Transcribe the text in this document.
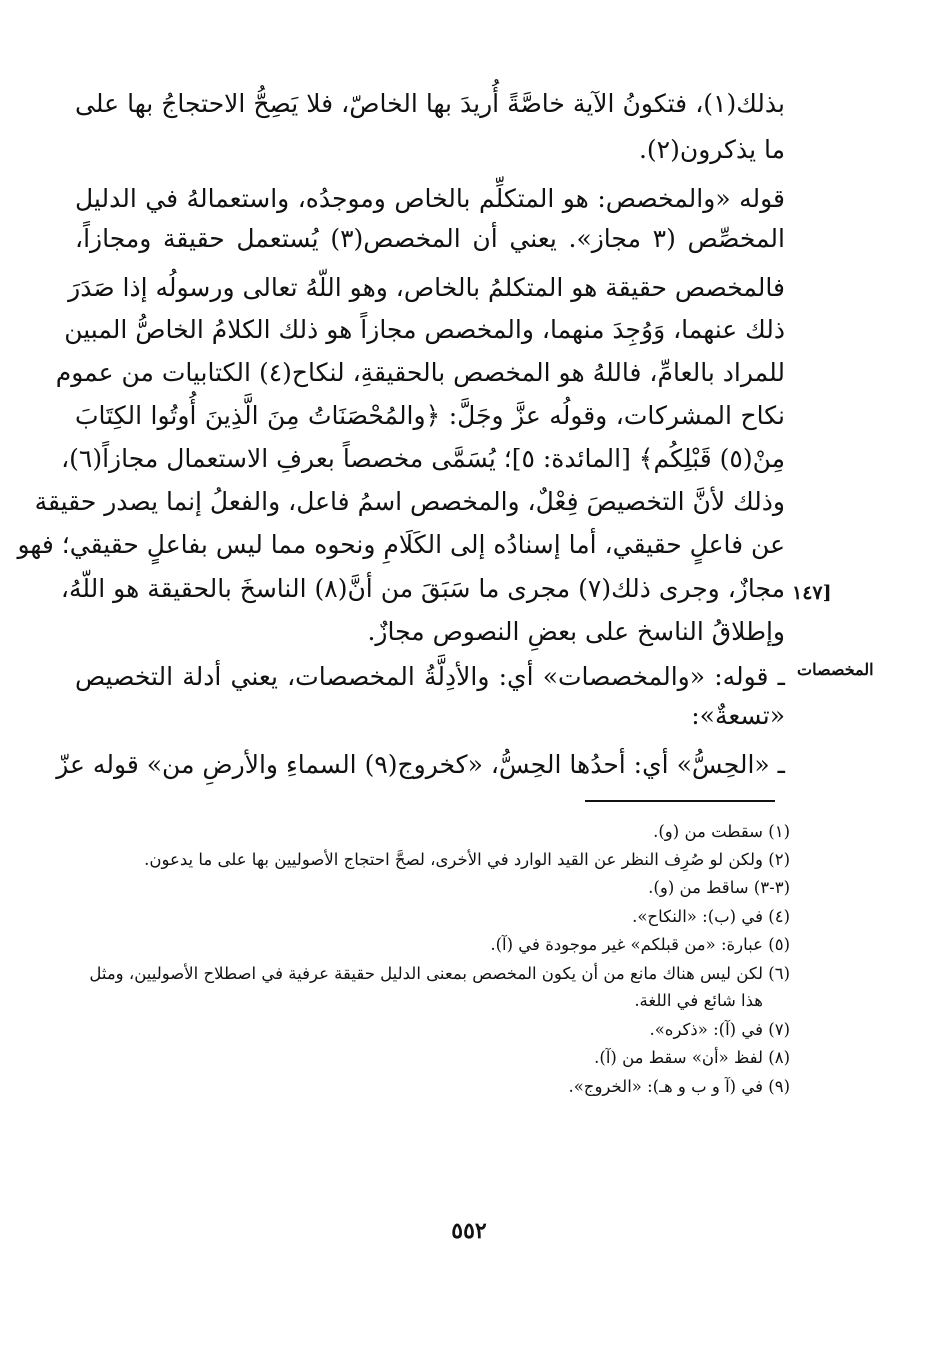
بذلك(١)، فتكونُ الآية خاصَّةً أُريدَ بها الخاصّ، فلا يَصِحُّ الاحتجاجُ بها على
ما يذكرون(٢).
قوله «والمخصص: هو المتكلِّم بالخاص وموجدُه، واستعمالهُ في الدليل
المخصِّص (٣ مجاز». يعني أن المخصص(٣) يُستعمل حقيقة ومجازاً،
فالمخصص حقيقة هو المتكلمُ بالخاص، وهو اللّهُ تعالى ورسولُه إذا صَدَرَ
ذلك عنهما، وَوُجِدَ منهما، والمخصص مجازاً هو ذلك الكلامُ الخاصُّ المبين
للمراد بالعامِّ، فاللهُ هو المخصص بالحقيقةِ، لنكاح(٤) الكتابيات من عموم
نكاح المشركات، وقولُه عزَّ وجَلَّ: ﴿والمُحْصَنَاتُ مِنَ الَّذِينَ أُوتُوا الكِتَابَ
مِنْ(٥) قَبْلِكُم﴾ [المائدة: ٥]؛ يُسَمَّى مخصصاً بعرفِ الاستعمال مجازاً(٦)،
وذلك لأنَّ التخصيصَ فِعْلٌ، والمخصص اسمُ فاعل، والفعلُ إنما يصدر حقيقة
عن فاعلٍ حقيقي، أما إسنادُه إلى الكَلَامِ ونحوه مما ليس بفاعلٍ حقيقي؛ فهو
مجازٌ، وجرى ذلك(٧) مجرى ما سَبَقَ من أنَّ(٨) الناسخَ بالحقيقة هو اللّهُ،
وإطلاقُ الناسخ على بعضِ النصوص مجازٌ.
ـ قوله: «والمخصصات» أي: والأدِلَّةُ المخصصات، يعني أدلة التخصيص
«تسعةٌ»:
ـ «الحِسُّ» أي: أحدُها الحِسُّ، «كخروج(٩) السماءِ والأرضِ من» قوله عزّ
[١٤٧
المخصصات
(١) سقطت من (و).
(٢) ولكن لو صُرِف النظر عن القيد الوارد في الأخرى، لصحَّ احتجاج الأصوليين بها على ما يدعون.
(٣-٣) ساقط من (و).
(٤) في (ب): «النكاح».
(٥) عبارة: «من قبلكم» غير موجودة في (آ).
(٦) لكن ليس هناك مانع من أن يكون المخصص بمعنى الدليل حقيقة عرفية في اصطلاح الأصوليين، ومثل
هذا شائع في اللغة.
(٧) في (آ): «ذكره».
(٨) لفظ «أن» سقط من (آ).
(٩) في (آ و ب و هـ): «الخروج».
٥٥٢
